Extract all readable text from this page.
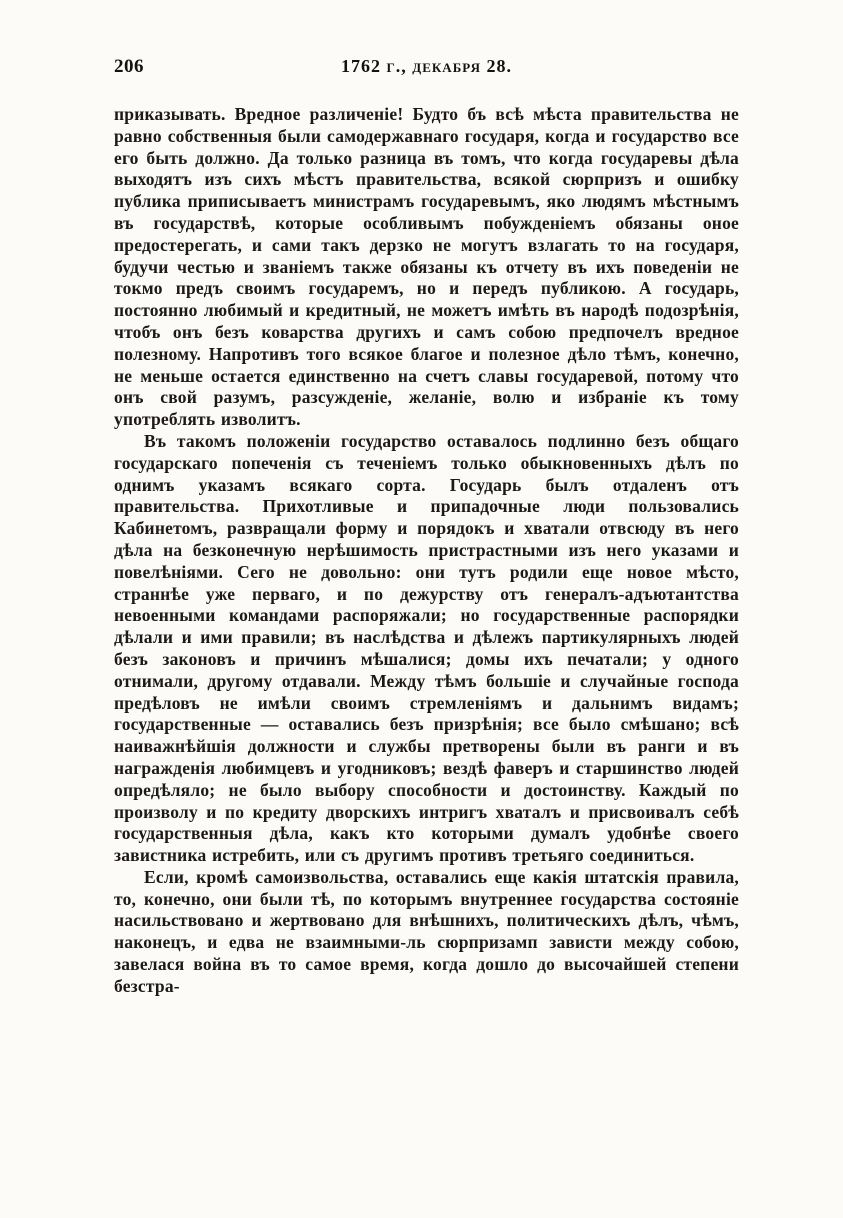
206	1762 г., декабря 28.

приказывать. Вредное различеніе! Будто бъ всѣ мѣста правительства не равно собственныя были самодержавнаго государя, когда и государство все его быть должно. Да только разница въ томъ, что когда государевы дѣла выходятъ изъ сихъ мѣстъ правительства, всякой сюрпризъ и ошибку публика приписываетъ министрамъ государевымъ, яко людямъ мѣстнымъ въ государствѣ, которые особливымъ побужденіемъ обязаны оное предостерегать, и сами такъ дерзко не могутъ взлагать то на государя, будучи честью и званіемъ также обязаны къ отчету въ ихъ поведеніи не токмо предъ своимъ государемъ, но и передъ публикою. А государь, постоянно любимый и кредитный, не можетъ имѣть въ народѣ подозрѣнія, чтобъ онъ безъ коварства другихъ и самъ собою предпочелъ вредное полезному. Напротивъ того всякое благое и полезное дѣло тѣмъ, конечно, не меньше остается единственно на счетъ славы государевой, потому что онъ свой разумъ, разсужденіе, желаніе, волю и избраніе къ тому употреблять изволитъ.

Въ такомъ положеніи государство оставалось подлинно безъ общаго государскаго попеченія съ теченіемъ только обыкновенныхъ дѣлъ по однимъ указамъ всякаго сорта. Государь былъ отдаленъ отъ правительства. Прихотливые и припадочные люди пользовались Кабинетомъ, развращали форму и порядокъ и хватали отвсюду въ него дѣла на безконечную нерѣшимость пристрастными изъ него указами и повелѣніями. Сего не довольно: они тутъ родили еще новое мѣсто, страннѣе уже перваго, и по дежурству отъ генералъ-адъютантства невоенными командами распоряжали; но государственные распорядки дѣлали и ими правили; въ наслѣдства и дѣлежъ партикулярныхъ людей безъ законовъ и причинъ мѣшалися; домы ихъ печатали; у одного отнимали, другому отдавали. Между тѣмъ большіе и случайные господа предѣловъ не имѣли своимъ стремленіямъ и дальнимъ видамъ; государственные — оставались безъ призрѣнія; все было смѣшано; всѣ наиважнѣйшія должности и службы претворены были въ ранги и въ награжденія любимцевъ и угодниковъ; вездѣ фаверъ и старшинство людей опредѣляло; не было выбору способности и достоинству. Каждый по произволу и по кредиту дворскихъ интригъ хваталъ и присвоивалъ себѣ государственныя дѣла, какъ кто которыми думалъ удобнѣе своего завистника истребить, или съ другимъ противъ третьяго соединиться.

Если, кромѣ самоизвольства, оставались еще какія штатскія правила, то, конечно, они были тѣ, по которымъ внутреннее государства состояніе насильствовано и жертвовано для внѣшнихъ, политическихъ дѣлъ, чѣмъ, наконецъ, и едва не взаимными-ль сюрпризамп зависти между собою, завелася война въ то самое время, когда дошло до высочайшей степени безстра-
